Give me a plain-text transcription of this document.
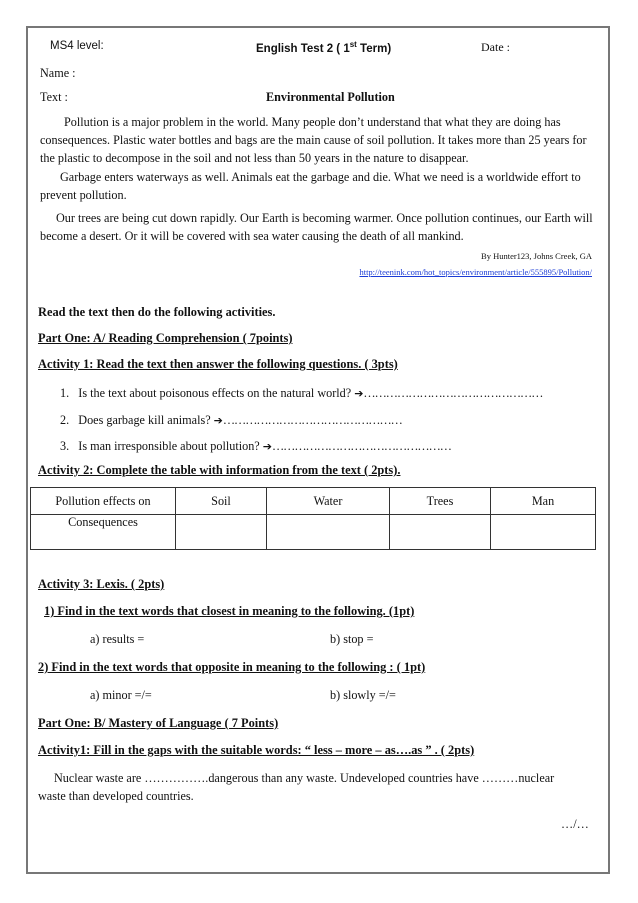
MS4 level:	English Test 2 ( 1st Term)	Date :
Name :
Text :	Environmental Pollution
Pollution is a major problem in the world. Many people don’t understand that what they are doing has consequences. Plastic water bottles and bags are the main cause of soil pollution. It takes more than 25 years for the plastic to decompose in the soil and not less than 50 years in the nature to disappear.
Garbage enters waterways as well. Animals eat the garbage and die. What we need is a worldwide effort to prevent pollution.
Our trees are being cut down rapidly. Our Earth is becoming warmer. Once pollution continues, our Earth will become a desert. Or it will be covered with sea water causing the death of all mankind.
By Hunter123, Johns Creek, GA
http://teenink.com/hot_topics/environment/article/555895/Pollution/
Read the text then do the following activities.
Part One: A/ Reading Comprehension ( 7points)
Activity 1: Read the text then answer the following questions. ( 3pts)
1. Is the text about poisonous effects on the natural world? ➔…………………………………………
2. Does garbage kill animals? ➔…………………………………………
3. Is man irresponsible about pollution? ➔…………………………………………
Activity 2: Complete the table with information from the text ( 2pts).
Pollution effects on	Soil	Water	Trees	Man
Consequences				
Activity 3: Lexis. ( 2pts)
1) Find in the text words that closest in meaning to the following. (1pt)
a) results =	b) stop =
2) Find in the text words that opposite in meaning to the following : ( 1pt)
a) minor =/=	b) slowly =/=
Part One: B/ Mastery of Language ( 7 Points)
Activity1: Fill in the gaps with the suitable words: “ less – more – as….as ” . ( 2pts)
Nuclear waste are …………….dangerous than any waste. Undeveloped countries have ………nuclear
waste than developed countries.
…/…
